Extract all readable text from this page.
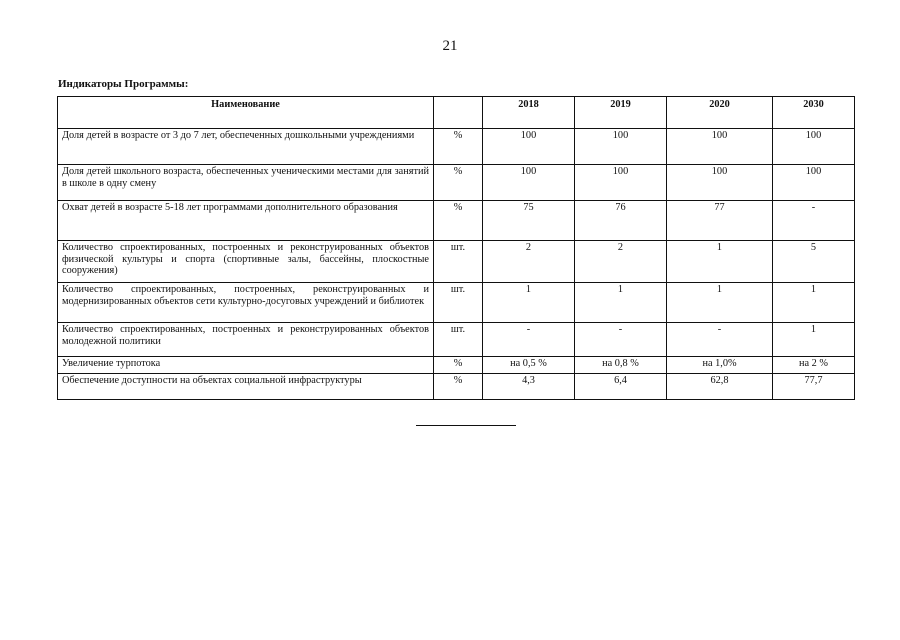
21
Индикаторы Программы:
Наименование		2018	2019	2020	2030
Доля детей в возрасте от 3 до 7 лет, обеспеченных дошкольными учреждениями	%	100	100	100	100
Доля детей школьного возраста, обеспеченных ученическими местами для занятий в школе в одну смену	%	100	100	100	100
Охват детей в возрасте 5-18 лет программами дополнительного образования	%	75	76	77	-
Количество спроектированных, построенных и реконструированных объектов физической культуры и спорта (спортивные залы, бассейны, плоскостные сооружения)	шт.	2	2	1	5
Количество спроектированных, построенных, реконструированных и модернизированных объектов сети культурно-досуговых учреждений и библиотек	шт.	1	1	1	1
Количество спроектированных, построенных и реконструированных объектов молодежной политики	шт.	-	-	-	1
Увеличение турпотока	%	на 0,5 %	на 0,8 %	на 1,0%	на 2 %
Обеспечение доступности на объектах социальной инфраструктуры	%	4,3	6,4	62,8	77,7
